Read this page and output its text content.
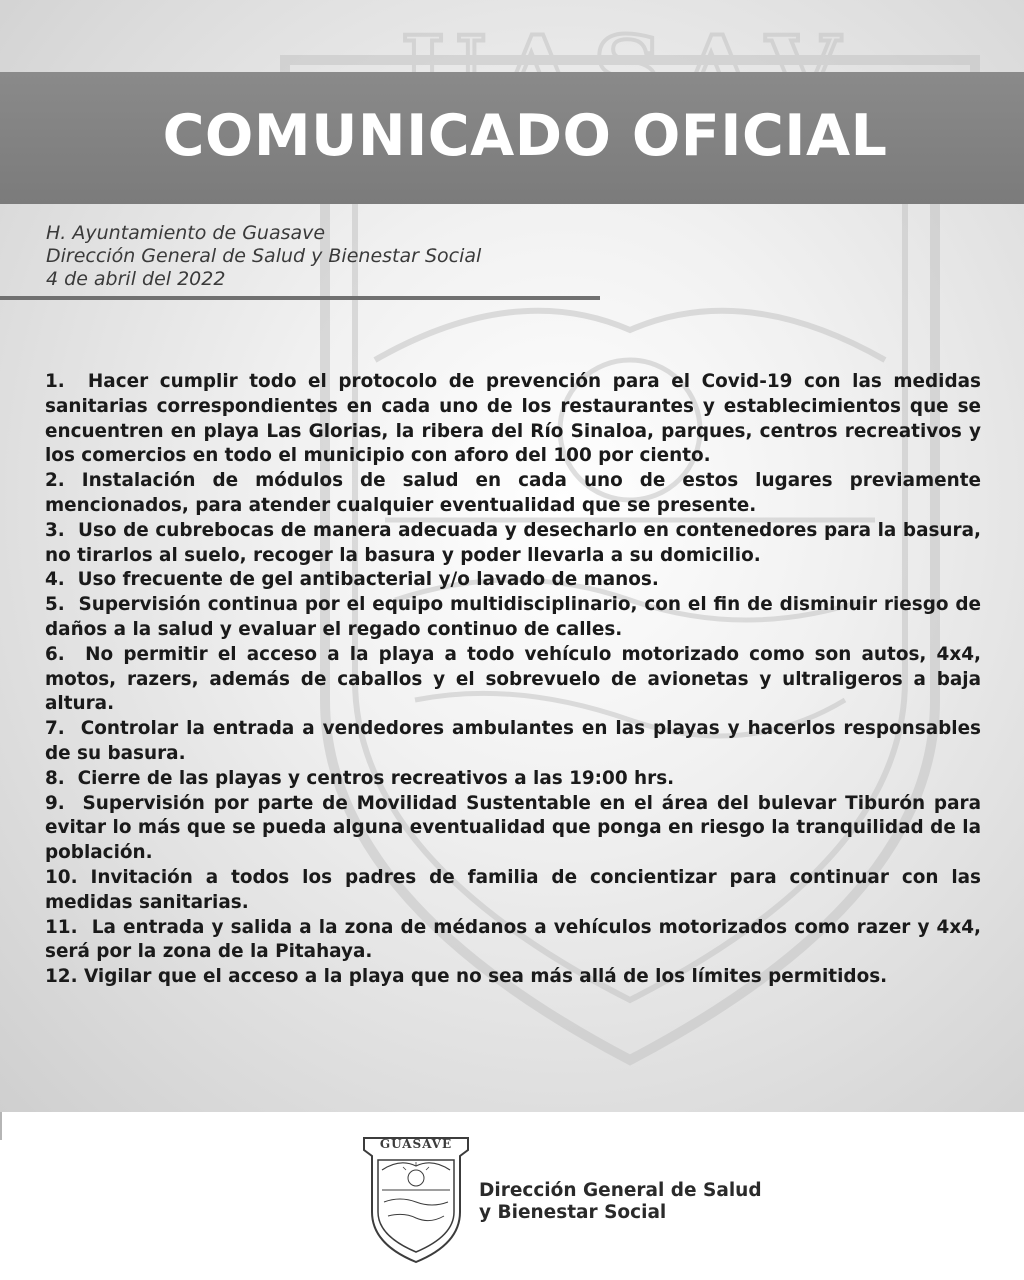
COMUNICADO OFICIAL
H. Ayuntamiento de Guasave
Dirección General de Salud y Bienestar Social
4 de abril del 2022
1.  Hacer cumplir todo el protocolo de prevención para el Covid-19 con las medidas sanitarias correspondientes en cada uno de los restaurantes y establecimientos que se encuentren en playa Las Glorias, la ribera del Río Sinaloa, parques, centros recreativos y los comercios en todo el municipio con aforo del 100 por ciento.
2. Instalación de módulos de salud en cada uno de estos lugares previamente mencionados, para atender cualquier eventualidad que se presente.
3.  Uso de cubrebocas de manera adecuada y desecharlo en contenedores para la basura, no tirarlos al suelo, recoger la basura y poder llevarla a su domicilio.
4.  Uso frecuente de gel antibacterial y/o lavado de manos.
5.  Supervisión continua por el equipo multidisciplinario, con el fin de disminuir riesgo de daños a la salud y evaluar el regado continuo de calles.
6.  No permitir el acceso a la playa a todo vehículo motorizado como son autos, 4x4, motos, razers, además de caballos y el sobrevuelo de avionetas y ultraligeros a baja altura.
7.  Controlar la entrada a vendedores ambulantes en las playas y hacerlos responsables de su basura.
8.  Cierre de las playas y centros recreativos a las 19:00 hrs.
9.  Supervisión por parte de Movilidad Sustentable en el área del bulevar Tiburón para evitar lo más que se pueda alguna eventualidad que ponga en riesgo la tranquilidad de la población.
10. Invitación a todos los padres de familia de concientizar para continuar con las medidas sanitarias.
11.  La entrada y salida a la zona de médanos a vehículos motorizados como razer y 4x4, será por la zona de la Pitahaya.
12. Vigilar que el acceso a la playa que no sea más allá de los límites permitidos.
GUASAVE
Dirección General de Salud
y Bienestar Social
